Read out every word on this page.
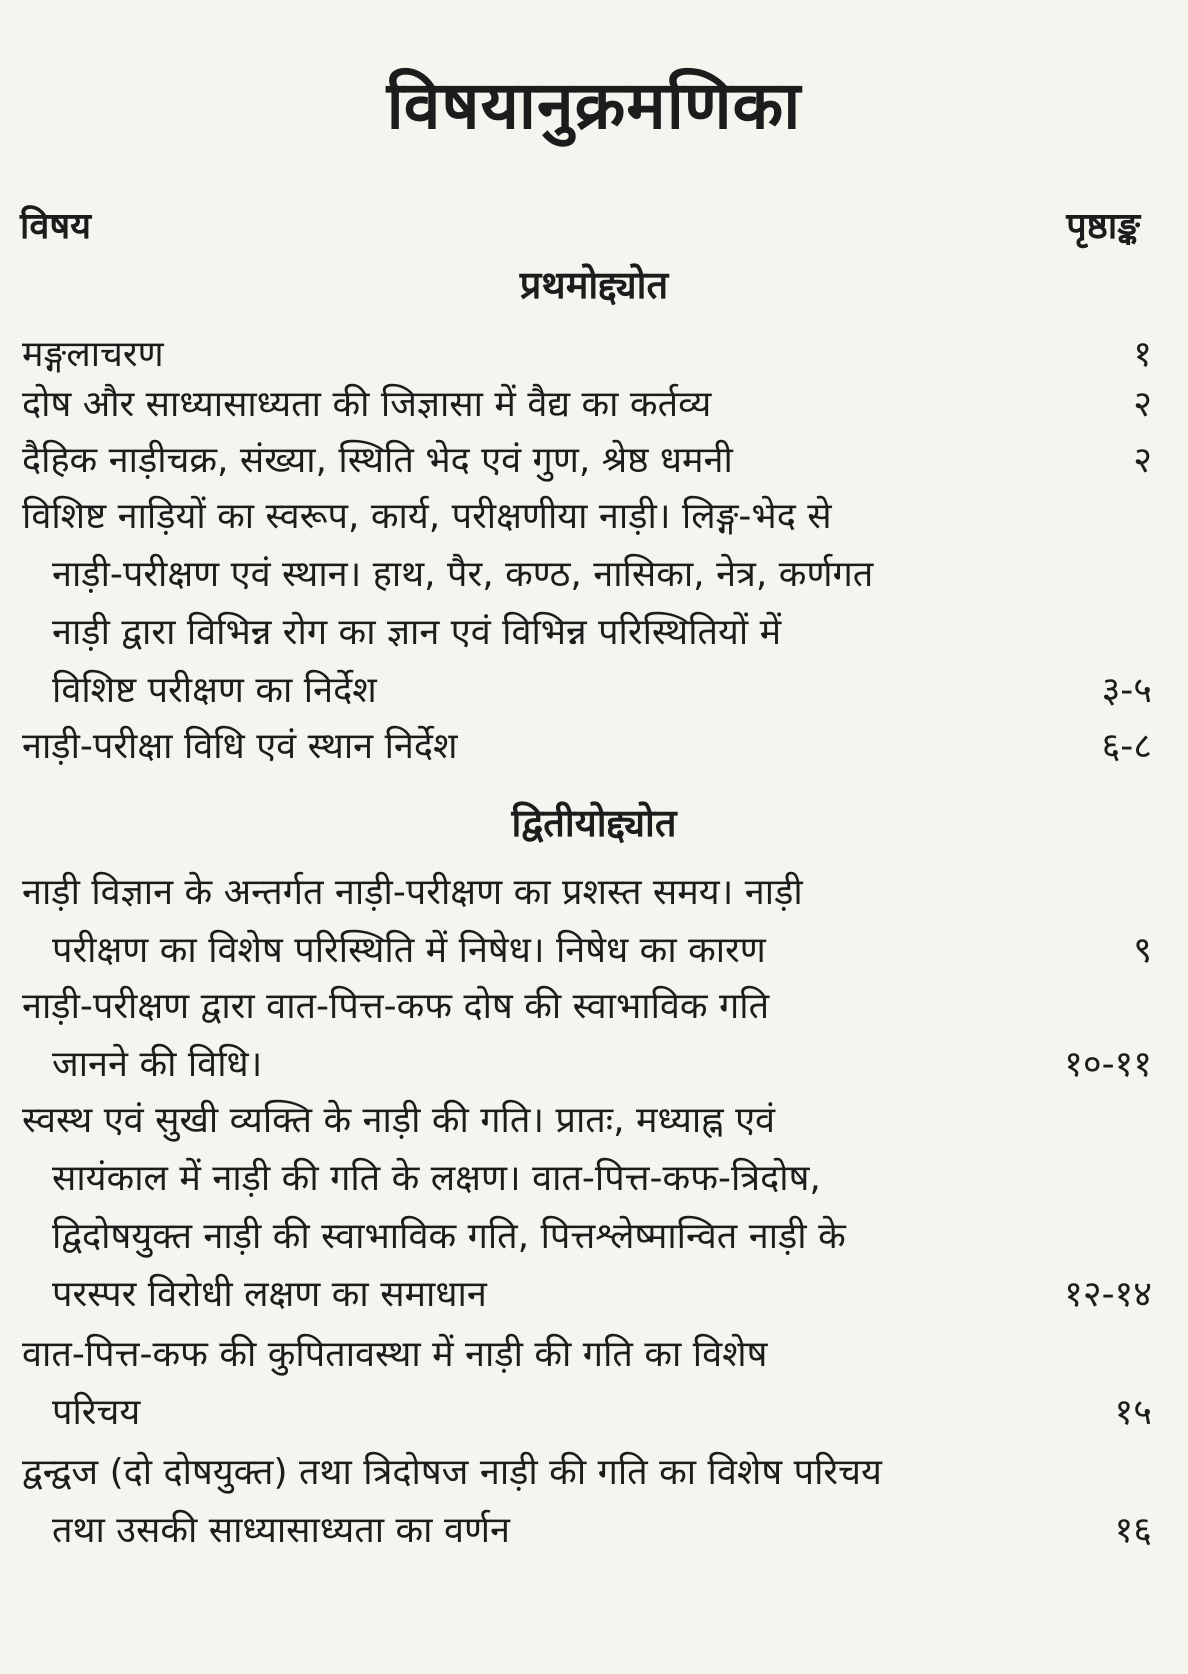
विषयानुक्रमणिका
विषय	पृष्ठाङ्क
प्रथमोद्द्योत
मङ्गलाचरण	१
दोष और साध्यासाध्यता की जिज्ञासा में वैद्य का कर्तव्य	२
दैहिक नाड़ीचक्र, संख्या, स्थिति भेद एवं गुण, श्रेष्ठ धमनी	२
विशिष्ट नाड़ियों का स्वरूप, कार्य, परीक्षणीया नाड़ी। लिङ्ग-भेद से
नाड़ी-परीक्षण एवं स्थान। हाथ, पैर, कण्ठ, नासिका, नेत्र, कर्णगत
नाड़ी द्वारा विभिन्न रोग का ज्ञान एवं विभिन्न परिस्थितियों में
विशिष्ट परीक्षण का निर्देश	३-५
नाड़ी-परीक्षा विधि एवं स्थान निर्देश	६-८
द्वितीयोद्द्योत
नाड़ी विज्ञान के अन्तर्गत नाड़ी-परीक्षण का प्रशस्त समय। नाड़ी
परीक्षण का विशेष परिस्थिति में निषेध। निषेध का कारण	९
नाड़ी-परीक्षण द्वारा वात-पित्त-कफ दोष की स्वाभाविक गति
जानने की विधि।	१०-११
स्वस्थ एवं सुखी व्यक्ति के नाड़ी की गति। प्रातः, मध्याह्न एवं
सायंकाल में नाड़ी की गति के लक्षण। वात-पित्त-कफ-त्रिदोष,
द्विदोषयुक्त नाड़ी की स्वाभाविक गति, पित्तश्लेष्मान्वित नाड़ी के
परस्पर विरोधी लक्षण का समाधान	१२-१४
वात-पित्त-कफ की कुपितावस्था में नाड़ी की गति का विशेष
परिचय	१५
द्वन्द्वज (दो दोषयुक्त) तथा त्रिदोषज नाड़ी की गति का विशेष परिचय
तथा उसकी साध्यासाध्यता का वर्णन	१६
